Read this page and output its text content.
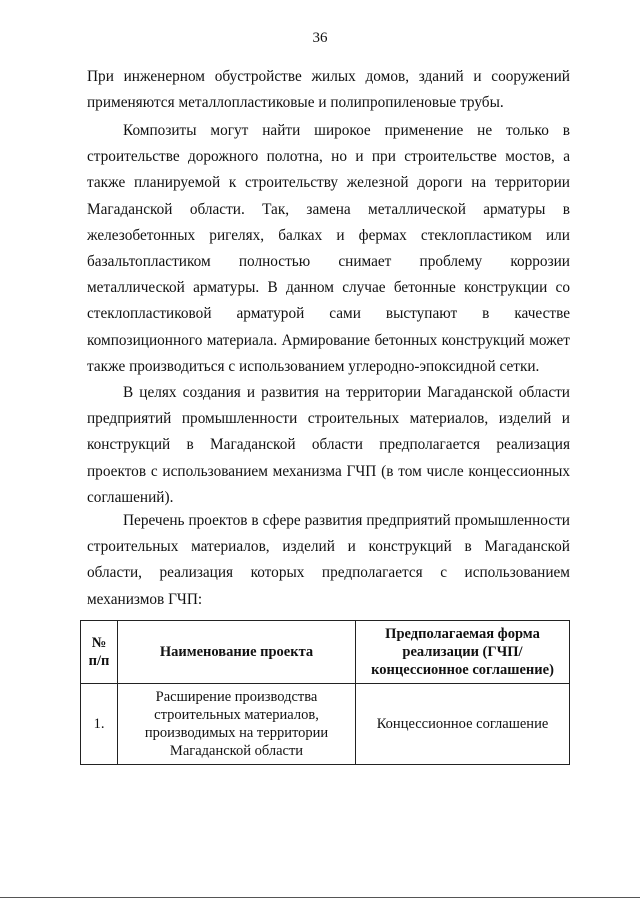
36

При инженерном обустройстве жилых домов, зданий и сооружений применяются металлопластиковые и полипропиленовые трубы.

Композиты могут найти широкое применение не только в строительстве дорожного полотна, но и при строительстве мостов, а также планируемой к строительству железной дороги на территории Магаданской области. Так, замена металлической арматуры в железобетонных ригелях, балках и фермах стеклопластиком или базальтопластиком полностью снимает проблему коррозии металлической арматуры. В данном случае бетонные конструкции со стеклопластиковой арматурой сами выступают в качестве композиционного материала. Армирование бетонных конструкций может также производиться с использованием углеродно-эпоксидной сетки.

В целях создания и развития на территории Магаданской области предприятий промышленности строительных материалов, изделий и конструкций в Магаданской области предполагается реализация проектов с использованием механизма ГЧП (в том числе концессионных соглашений).

Перечень проектов в сфере развития предприятий промышленности строительных материалов, изделий и конструкций в Магаданской области, реализация которых предполагается с использованием механизмов ГЧП:

№ п/п	Наименование проекта	Предполагаемая форма реализации (ГЧП/ концессионное соглашение)
1.	Расширение производства строительных материалов, производимых на территории Магаданской области	Концессионное соглашение
